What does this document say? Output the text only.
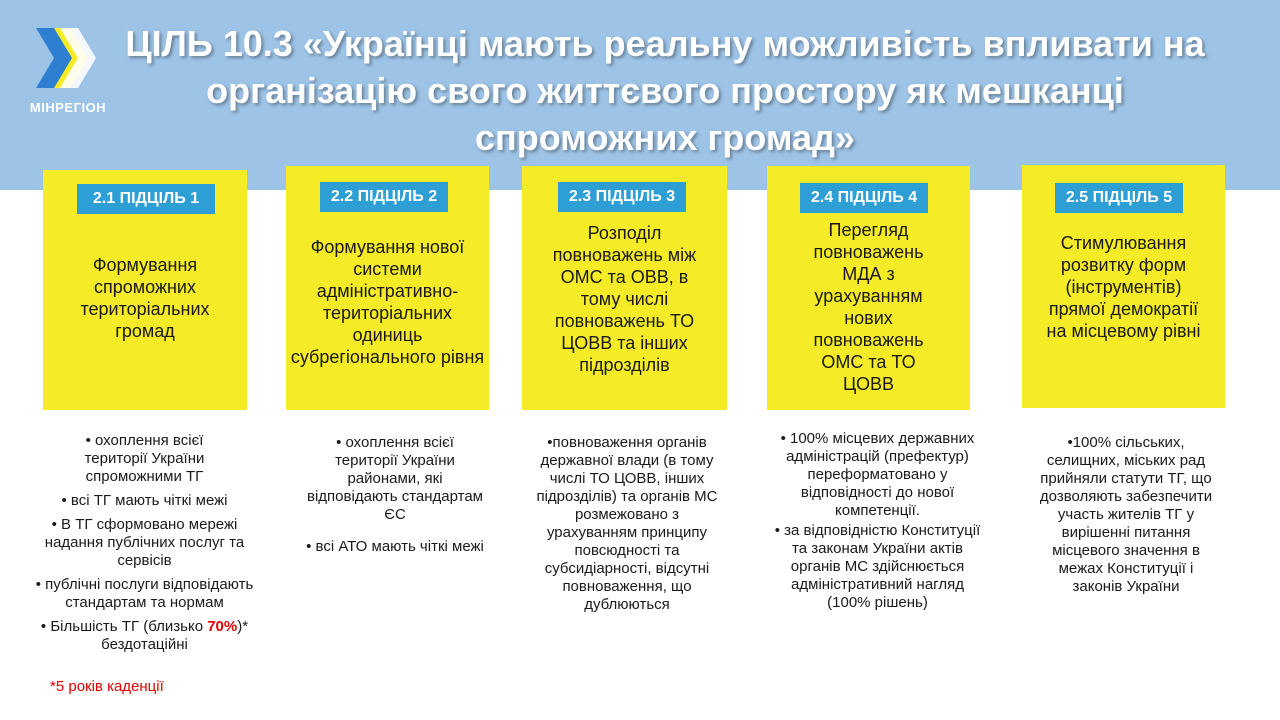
МІНРЕГІОН
ЦІЛЬ 10.3 «Українці мають реальну можливість впливати на організацію свого життєвого простору як мешканці спроможних громад»
2.1 ПІДЦІЛЬ 1
Формування спроможних територіальних громад
2.2 ПІДЦІЛЬ 2
Формування нової системи адміністративно-територіальних одиниць субрегіонального рівня
2.3 ПІДЦІЛЬ 3
Розподіл повноважень між ОМС та ОВВ, в тому числі повноважень ТО ЦОВВ та інших підрозділів
2.4 ПІДЦІЛЬ 4
Перегляд повноважень МДА з урахуванням нових повноважень ОМС та ТО ЦОВВ
2.5 ПІДЦІЛЬ 5
Стимулювання розвитку форм (інструментів) прямої демократії на місцевому рівні

• охоплення всієї території України спроможними ТГ

• всі ТГ мають чіткі межі

• В ТГ сформовано мережі надання публічних послуг та сервісів

• публічні послуги відповідають стандартам та нормам

• Більшість ТГ (близько 70%)* бездотаційні

• охоплення всієї території України районами, які відповідають стандартам ЄС

• всі АТО мають чіткі межі

•повноваження органів державної влади (в тому числі ТО ЦОВВ, інших підрозділів) та органів МС розмежовано з урахуванням принципу повсюдності та субсидіарності, відсутні повноваження, що дублюються

• 100% місцевих державних адміністрацій (префектур) переформатовано у відповідності до нової компетенції.

• за відповідністю Конституції та законам України актів органів МС здійснюється адміністративний нагляд (100% рішень)

•100% сільських, селищних, міських рад прийняли статути ТГ, що дозволяють забезпечити участь жителів ТГ у вирішенні питання місцевого значення в межах Конституції і законів України

*5 років каденції
